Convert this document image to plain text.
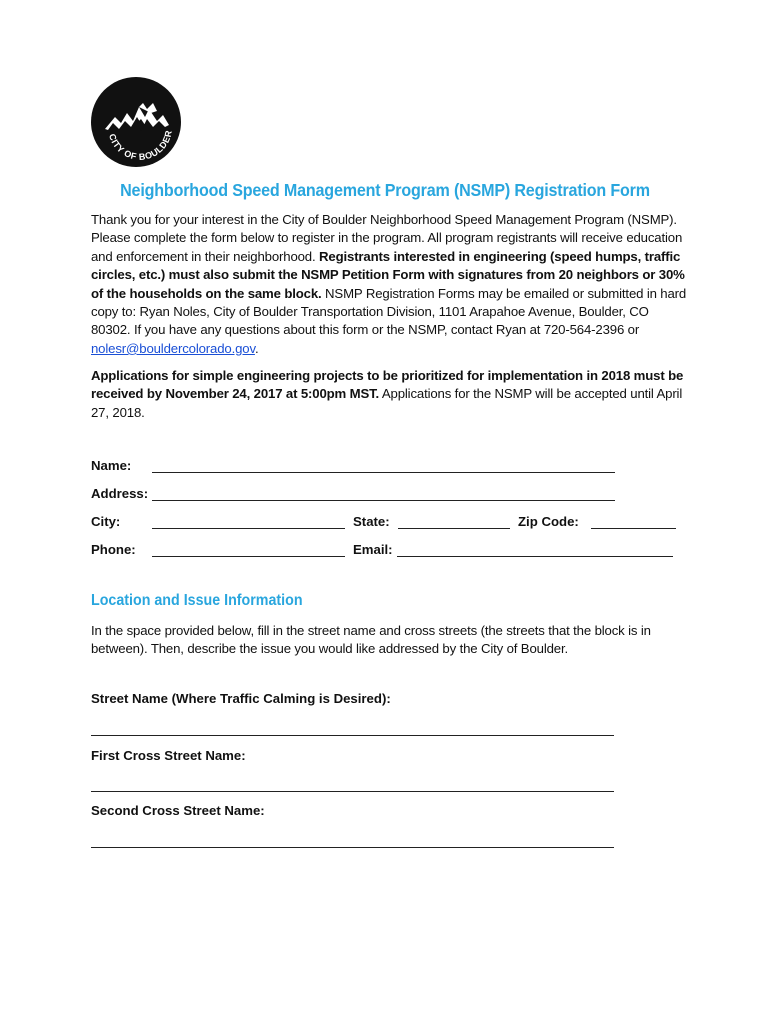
CITY OF BOULDER
Neighborhood Speed Management Program (NSMP) Registration Form
Thank you for your interest in the City of Boulder Neighborhood Speed Management Program (NSMP). Please complete the form below to register in the program. All program registrants will receive education and enforcement in their neighborhood. Registrants interested in engineering (speed humps, traffic circles, etc.) must also submit the NSMP Petition Form with signatures from 20 neighbors or 30% of the households on the same block. NSMP Registration Forms may be emailed or submitted in hard copy to: Ryan Noles, City of Boulder Transportation Division, 1101 Arapahoe Avenue, Boulder, CO 80302. If you have any questions about this form or the NSMP, contact Ryan at 720-564-2396 or nolesr@bouldercolorado.gov.
Applications for simple engineering projects to be prioritized for implementation in 2018 must be received by November 24, 2017 at 5:00pm MST. Applications for the NSMP will be accepted until April 27, 2018.
Name:
Address:
City:	State:	Zip Code:
Phone:	Email:
Location and Issue Information
In the space provided below, fill in the street name and cross streets (the streets that the block is in between). Then, describe the issue you would like addressed by the City of Boulder.
Street Name (Where Traffic Calming is Desired):
First Cross Street Name:
Second Cross Street Name:
